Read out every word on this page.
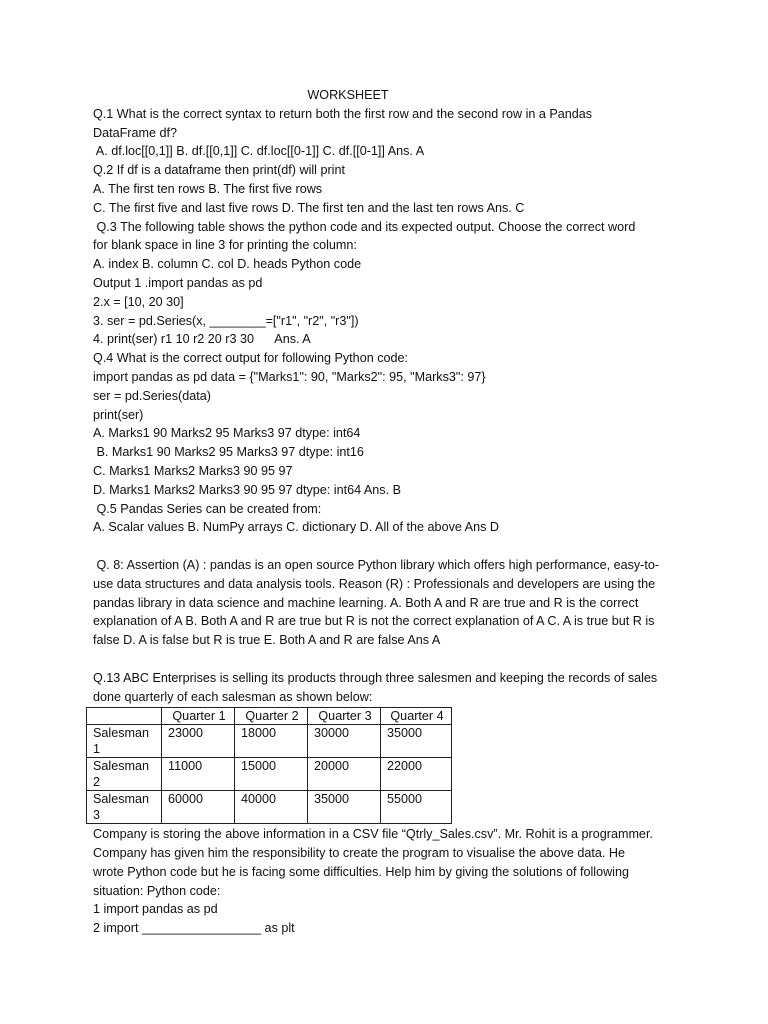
WORKSHEET
Q.1 What is the correct syntax to return both the first row and the second row in a Pandas
DataFrame df?
A. df.loc[[0,1]] B. df.[[0,1]] C. df.loc[[0-1]] C. df.[[0-1]] Ans. A
Q.2 If df is a dataframe then print(df) will print
A. The first ten rows B. The first five rows
C. The first five and last five rows D. The first ten and the last ten rows Ans. C
Q.3 The following table shows the python code and its expected output. Choose the correct word
for blank space in line 3 for printing the column:
A. index B. column C. col D. heads Python code
Output 1 .import pandas as pd
2.x = [10, 20 30]
3. ser = pd.Series(x, ________=["r1", "r2", "r3"])
4. print(ser) r1 10 r2 20 r3 30      Ans. A
Q.4 What is the correct output for following Python code:
import pandas as pd data = {"Marks1": 90, "Marks2": 95, "Marks3": 97}
ser = pd.Series(data)
print(ser)
A. Marks1 90 Marks2 95 Marks3 97 dtype: int64
B. Marks1 90 Marks2 95 Marks3 97 dtype: int16
C. Marks1 Marks2 Marks3 90 95 97
D. Marks1 Marks2 Marks3 90 95 97 dtype: int64 Ans. B
Q.5 Pandas Series can be created from:
A. Scalar values B. NumPy arrays C. dictionary D. All of the above Ans D
Q. 8: Assertion (A) : pandas is an open source Python library which offers high performance, easy-to-
use data structures and data analysis tools. Reason (R) : Professionals and developers are using the
pandas library in data science and machine learning. A. Both A and R are true and R is the correct
explanation of A B. Both A and R are true but R is not the correct explanation of A C. A is true but R is
false D. A is false but R is true E. Both A and R are false Ans A
Q.13 ABC Enterprises is selling its products through three salesmen and keeping the records of sales
done quarterly of each salesman as shown below:
	Quarter 1	Quarter 2	Quarter 3	Quarter 4
Salesman 1	23000	18000	30000	35000
Salesman 2	11000	15000	20000	22000
Salesman 3	60000	40000	35000	55000
Company is storing the above information in a CSV file “Qtrly_Sales.csv”. Mr. Rohit is a programmer.
Company has given him the responsibility to create the program to visualise the above data. He
wrote Python code but he is facing some difficulties. Help him by giving the solutions of following
situation: Python code:
1 import pandas as pd
2 import _________________ as plt
